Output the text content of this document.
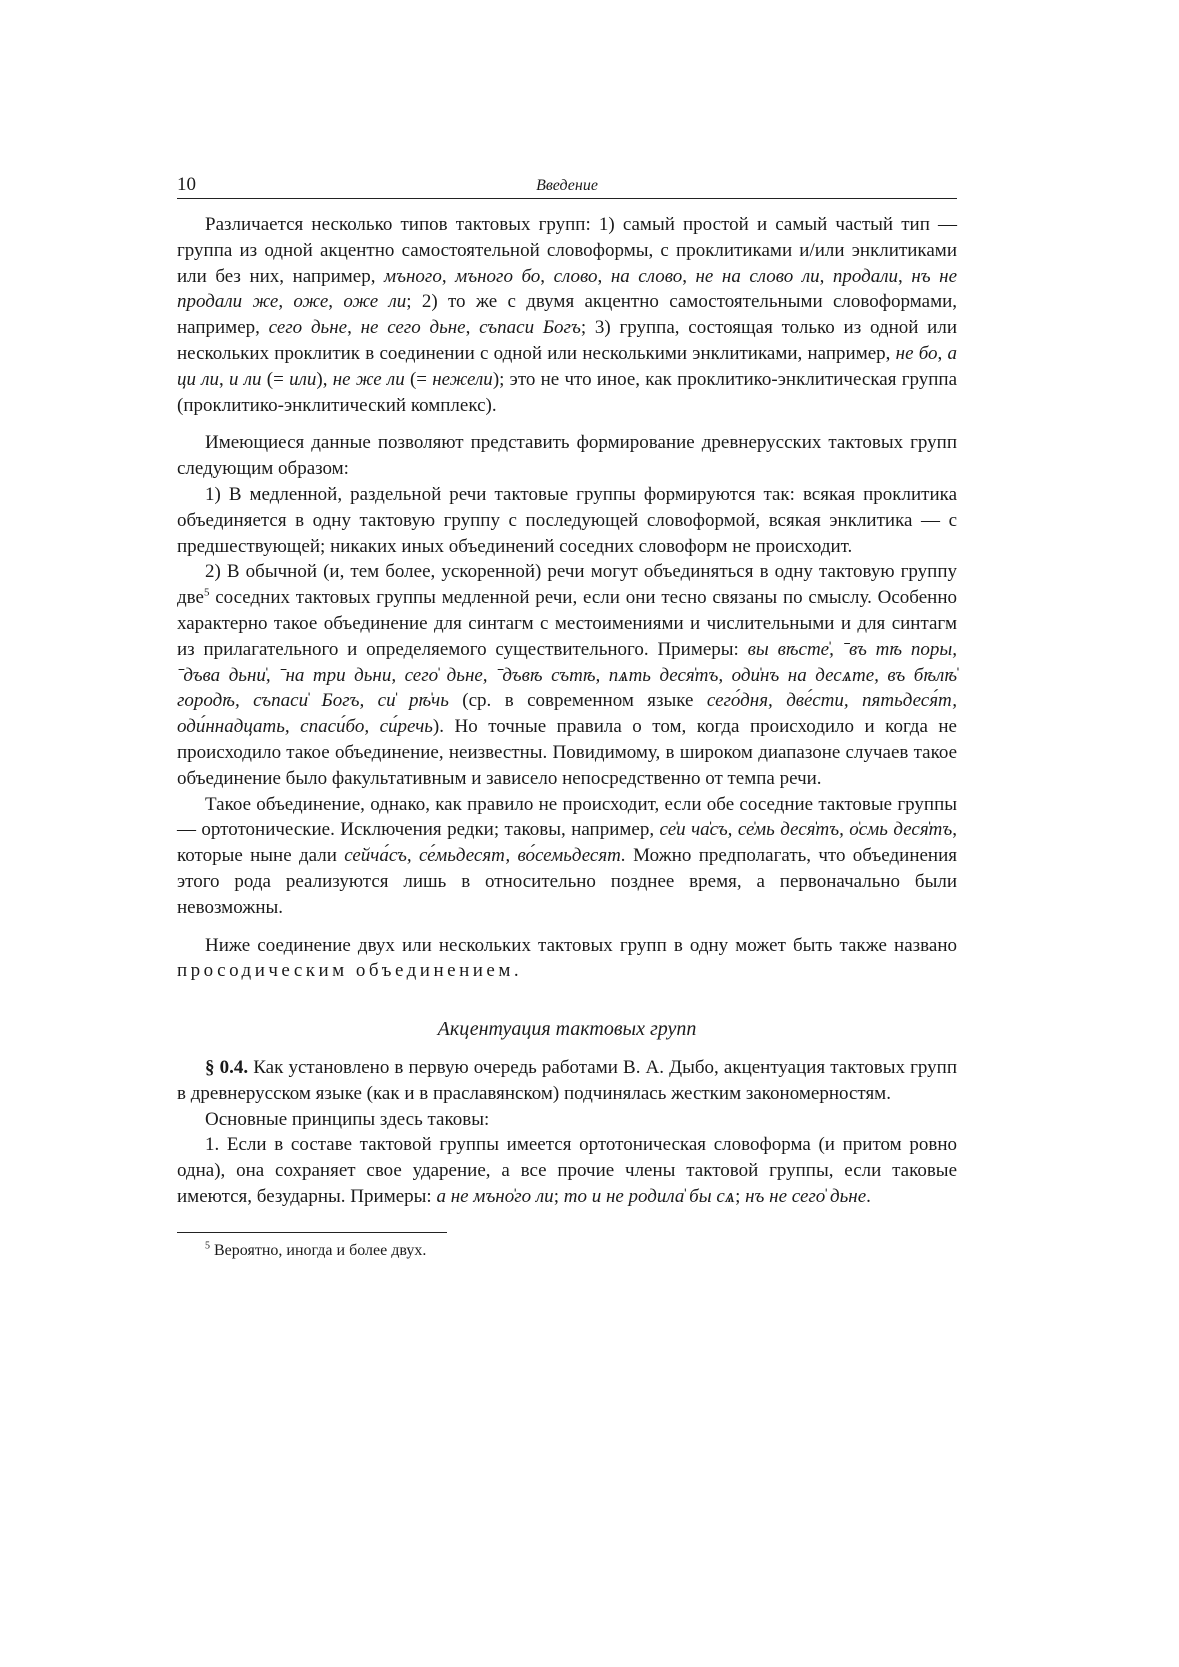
10	Введение

Различается несколько типов тактовых групп: 1) самый простой и самый частый тип — группа из одной акцентно самостоятельной словоформы, с проклитиками и/или энклитиками или без них, например, мъного, мъного бо, слово, на слово, не на слово ли, продали, нъ не продали же, оже, оже ли; 2) то же с двумя акцентно самостоятельными словоформами, например, сего дьне, не сего дьне, съпаси Богъ; 3) группа, состоящая только из одной или нескольких проклитик в соединении с одной или несколькими энклитиками, например, не бо, а ци ли, и ли (= или), не же ли (= нежели); это не что иное, как проклитико-энклитическая группа (проклитико-энклитический комплекс).

Имеющиеся данные позволяют представить формирование древнерусских тактовых групп следующим образом:

1) В медленной, раздельной речи тактовые группы формируются так: всякая проклитика объединяется в одну тактовую группу с последующей словоформой, всякая энклитика — с предшествующей; никаких иных объединений соседних словоформ не происходит.

2) В обычной (и, тем более, ускоренной) речи могут объединяться в одну тактовую группу две$^5$ соседних тактовых группы медленной речи, если они тесно связаны по смыслу. Особенно характерно такое объединение для синтагм с местоимениями и числительными и для синтагм из прилагательного и определяемого существительного. Примеры: вы вѣсте̍, ˉвъ тѣ поры, ˉдъва дьни̍, ˉна три дьни, сего̍ дьне, ˉдъвѣ сътѣ, пѧть деся̍тъ, оди̍нъ на десѧте, въ бѣлѣ̍ городѣ, съпаси̍ Богъ, си̍ рѣ̍чь (ср. в современном языке сего́дня, две́сти, пятьдеся́т, оди́ннадцать, спаси́бо, си́речь). Но точные правила о том, когда происходило и когда не происходило такое объединение, неизвестны. Повидимому, в широком диапазоне случаев такое объединение было факультативным и зависело непосредственно от темпа речи.

Такое объединение, однако, как правило не происходит, если обе соседние тактовые группы — ортотонические. Исключения редки; таковы, например, се̍и ча̍съ, се̍мь деся̍тъ, о̍смь деся̍тъ, которые ныне дали сейча́съ, се́мьдесят, во́семьдесят. Можно предполагать, что объединения этого рода реализуются лишь в относительно позднее время, а первоначально были невозможны.

Ниже соединение двух или нескольких тактовых групп в одну может быть также названо просодическим объединением.

Акцентуация тактовых групп

§ 0.4. Как установлено в первую очередь работами В. А. Дыбо, акцентуация тактовых групп в древнерусском языке (как и в праславянском) подчинялась жестким закономерностям.

Основные принципы здесь таковы:

1. Если в составе тактовой группы имеется ортотоническая словоформа (и притом ровно одна), она сохраняет свое ударение, а все прочие члены тактовой группы, если таковые имеются, безударны. Примеры: а не мъно̍го ли; то и не родила̍ бы сѧ; нъ не сего̍ дьне.

$^5$ Вероятно, иногда и более двух.
